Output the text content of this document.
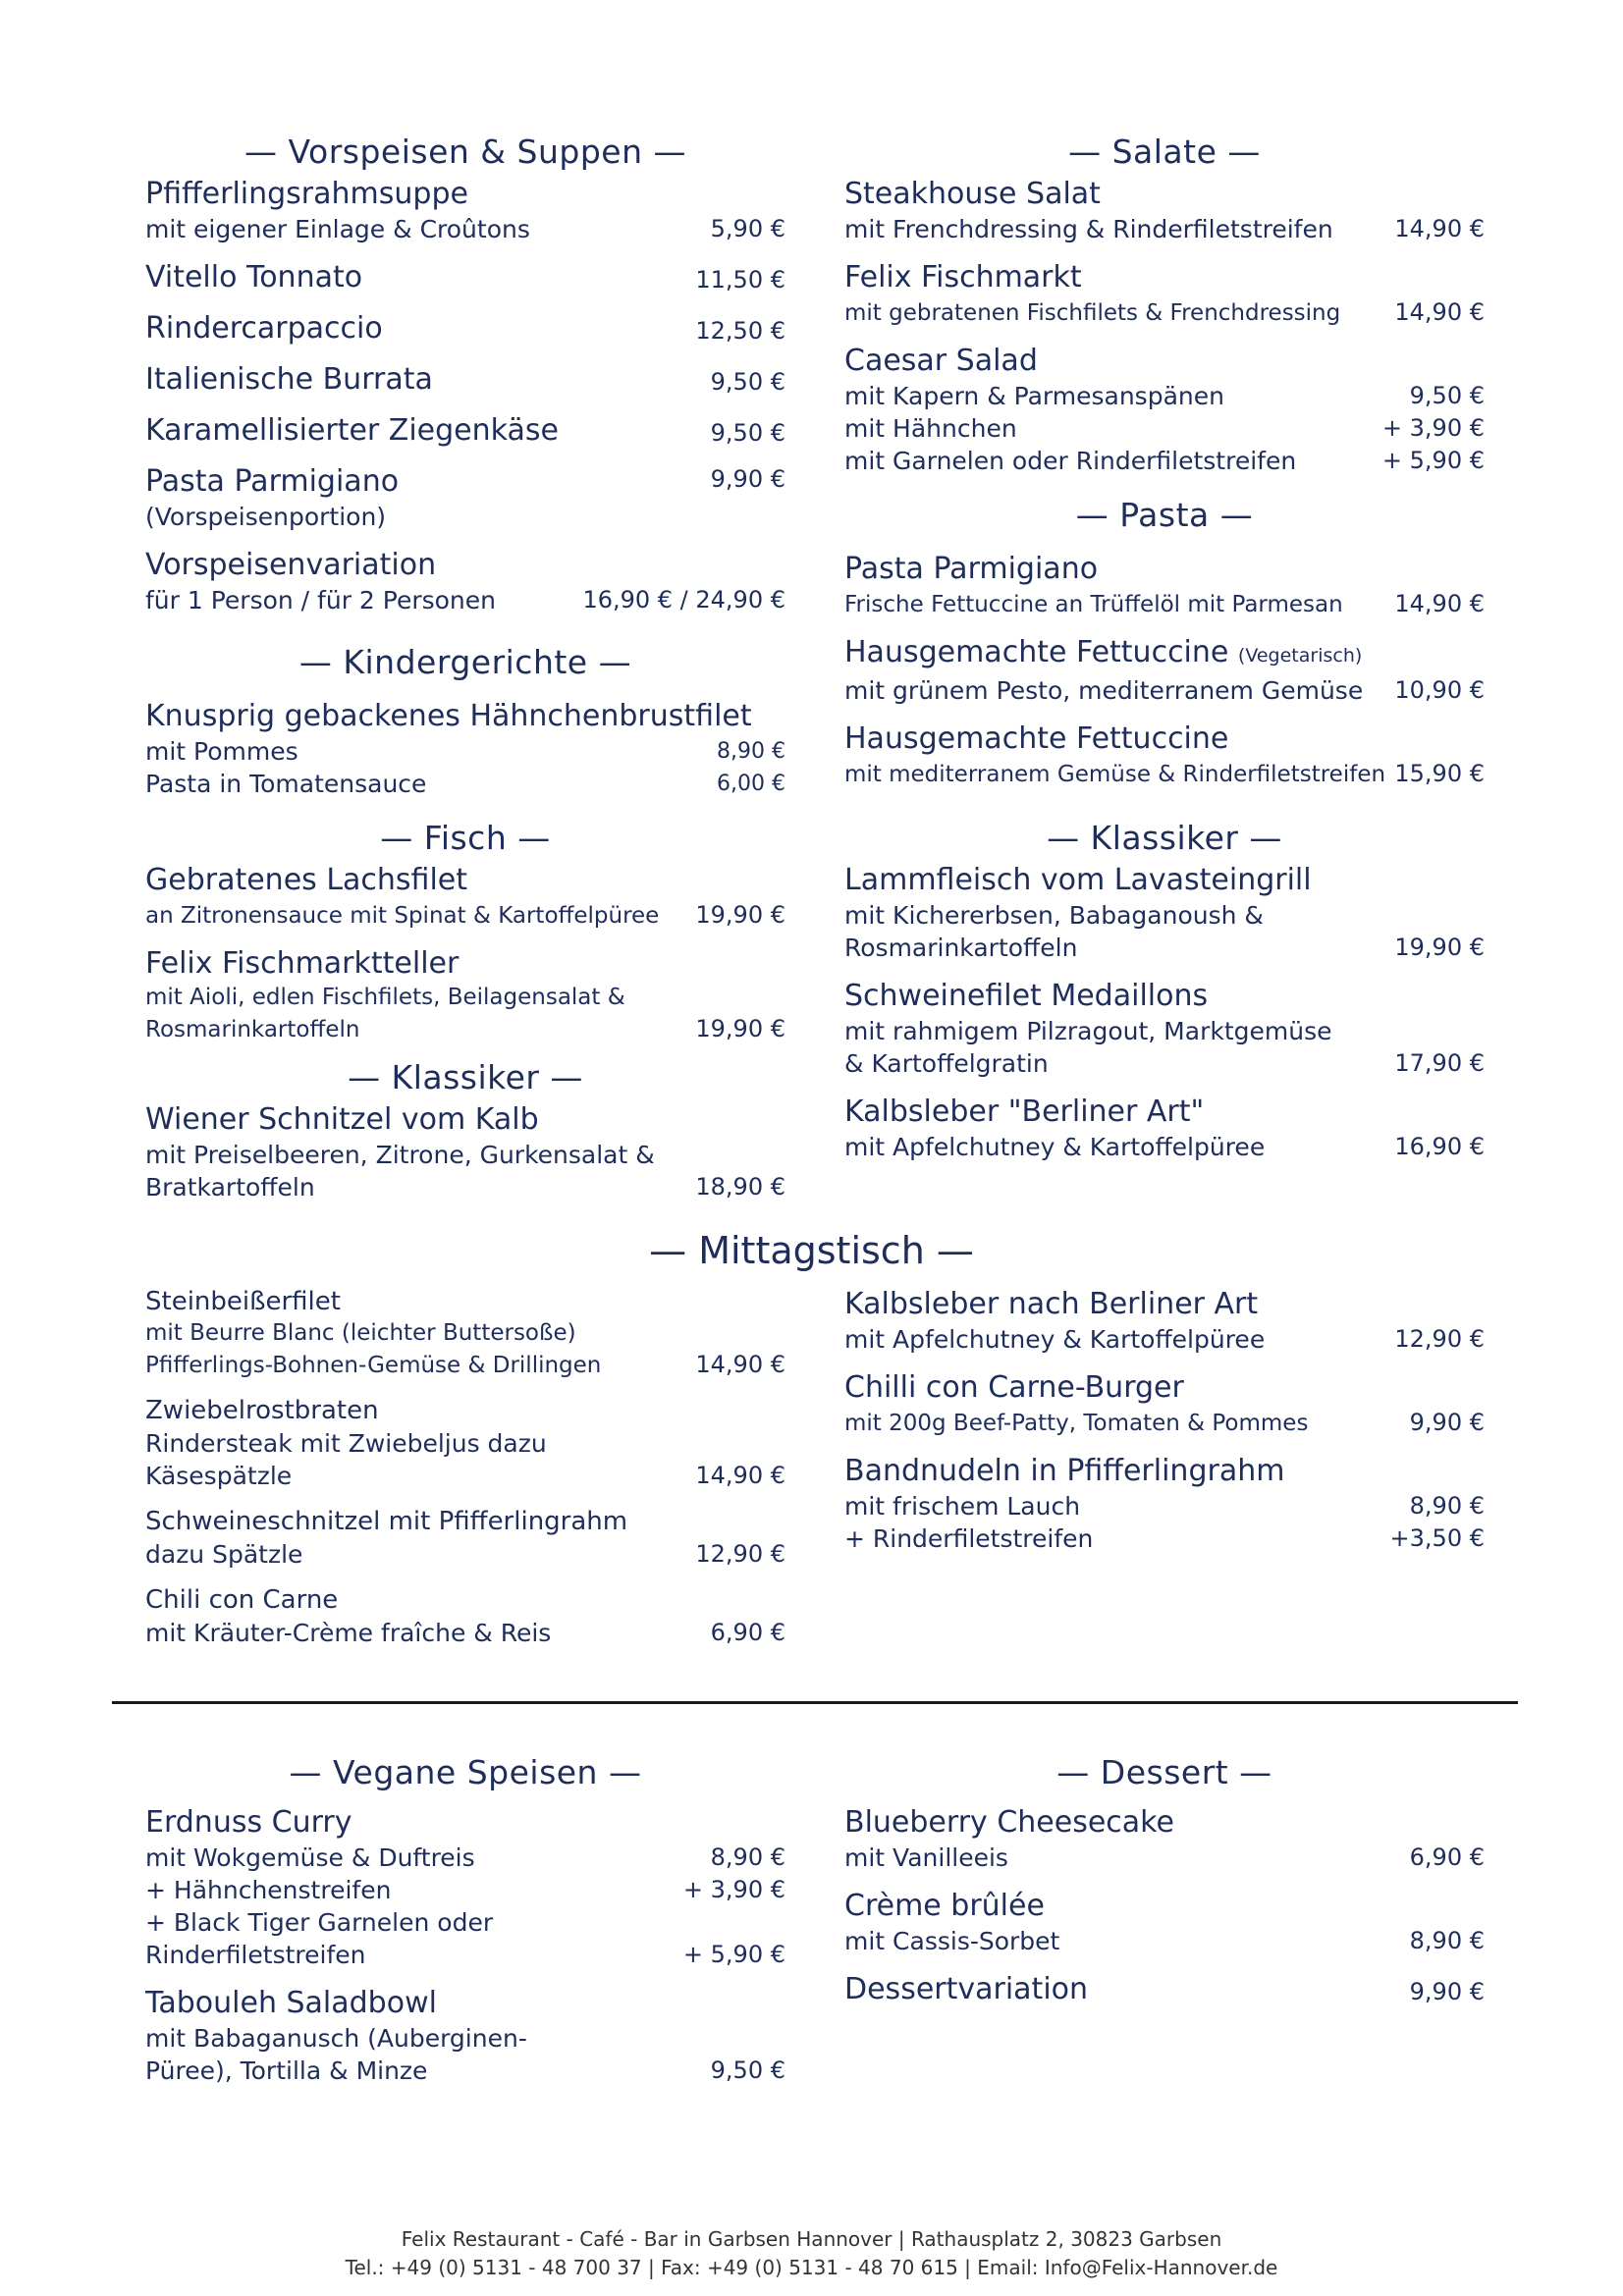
— Vorspeisen & Suppen —
Pfifferlingsrahmsuppe
mit eigener Einlage & Croûtons	5,90 €
Vitello Tonnato	11,50 €
Rindercarpaccio	12,50 €
Italienische Burrata	9,50 €
Karamellisierter Ziegenkäse	9,50 €
Pasta Parmigiano	9,90 €
(Vorspeisenportion)
Vorspeisenvariation
für 1 Person / für 2 Personen	16,90 € / 24,90 €
— Kindergerichte —
Knusprig gebackenes Hähnchenbrustfilet
mit Pommes	8,90 €
Pasta in Tomatensauce	6,00 €
— Fisch —
Gebratenes Lachsfilet
an Zitronensauce mit Spinat & Kartoffelpüree 19,90 €
Felix Fischmarktteller
mit Aioli, edlen Fischfilets, Beilagensalat &
Rosmarinkartoffeln	19,90 €
— Klassiker —
Wiener Schnitzel vom Kalb
mit Preiselbeeren, Zitrone, Gurkensalat &
Bratkartoffeln	18,90 €
— Salate —
Steakhouse Salat
mit Frenchdressing & Rinderfiletstreifen	14,90 €
Felix Fischmarkt
mit gebratenen Fischfilets & Frenchdressing 14,90 €
Caesar Salad
mit Kapern & Parmesanspänen	9,50 €
mit Hähnchen	+ 3,90 €
mit Garnelen oder Rinderfiletstreifen	+ 5,90 €
— Pasta —
Pasta Parmigiano
Frische Fettuccine an Trüffelöl mit Parmesan 14,90 €
Hausgemachte Fettuccine (Vegetarisch)
mit grünem Pesto, mediterranem Gemüse 10,90 €
Hausgemachte Fettuccine
mit mediterranem Gemüse & Rinderfiletstreifen 15,90 €
— Klassiker —
Lammfleisch vom Lavasteingrill
mit Kichererbsen, Babaganoush &
Rosmarinkartoffeln	19,90 €
Schweinefilet Medaillons
mit rahmigem Pilzragout, Marktgemüse
& Kartoffelgratin	17,90 €
Kalbsleber "Berliner Art"
mit Apfelchutney & Kartoffelpüree	16,90 €
— Mittagstisch —
Steinbeißerfilet
mit Beurre Blanc (leichter Buttersoße)
Pfifferlings-Bohnen-Gemüse & Drillingen	14,90 €
Zwiebelrostbraten
Rindersteak mit Zwiebeljus dazu
Käsespätzle	14,90 €
Schweineschnitzel mit Pfifferlingrahm
dazu Spätzle	12,90 €
Chili con Carne
mit Kräuter-Crème fraîche & Reis	6,90 €
Kalbsleber nach Berliner Art
mit Apfelchutney & Kartoffelpüree	12,90 €
Chilli con Carne-Burger
mit 200g Beef-Patty, Tomaten & Pommes	9,90 €
Bandnudeln in Pfifferlingrahm
mit frischem Lauch	8,90 €
+ Rinderfiletstreifen	+3,50 €
— Vegane Speisen —
Erdnuss Curry
mit Wokgemüse & Duftreis	8,90 €
+ Hähnchenstreifen	+ 3,90 €
+ Black Tiger Garnelen oder
Rinderfiletstreifen	+ 5,90 €
Tabouleh Saladbowl
mit Babaganusch (Auberginen-
Püree), Tortilla & Minze	9,50 €
— Dessert —
Blueberry Cheesecake
mit Vanilleeis	6,90 €
Crème brûlée
mit Cassis-Sorbet	8,90 €
Dessertvariation	9,90 €
Felix Restaurant - Café - Bar in Garbsen Hannover | Rathausplatz 2, 30823 Garbsen
Tel.: +49 (0) 5131 - 48 700 37 | Fax: +49 (0) 5131 - 48 70 615 | Email: Info@Felix-Hannover.de
